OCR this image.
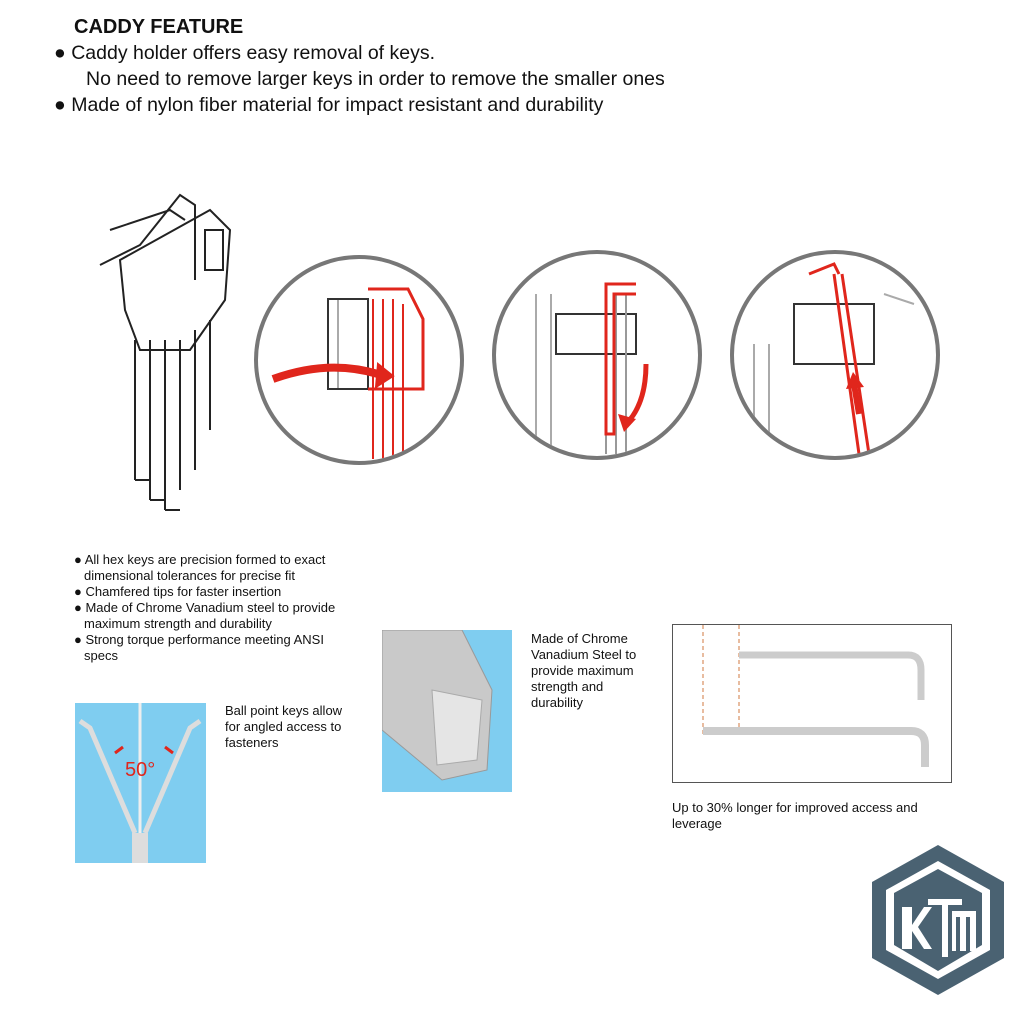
CADDY FEATURE
● Caddy holder offers easy removal of keys.
No need to remove larger keys in order to remove the smaller ones
● Made of nylon fiber material for impact resistant and durability
● All hex keys are precision formed to exact
dimensional tolerances for precise fit
● Chamfered tips for faster insertion
● Made of Chrome Vanadium steel to provide
maximum strength and durability
● Strong torque performance meeting ANSI
specs
50°
Ball point keys allow for angled access to fasteners
Made of Chrome Vanadium Steel to provide maximum strength and durability
Up to 30% longer for improved access and leverage
